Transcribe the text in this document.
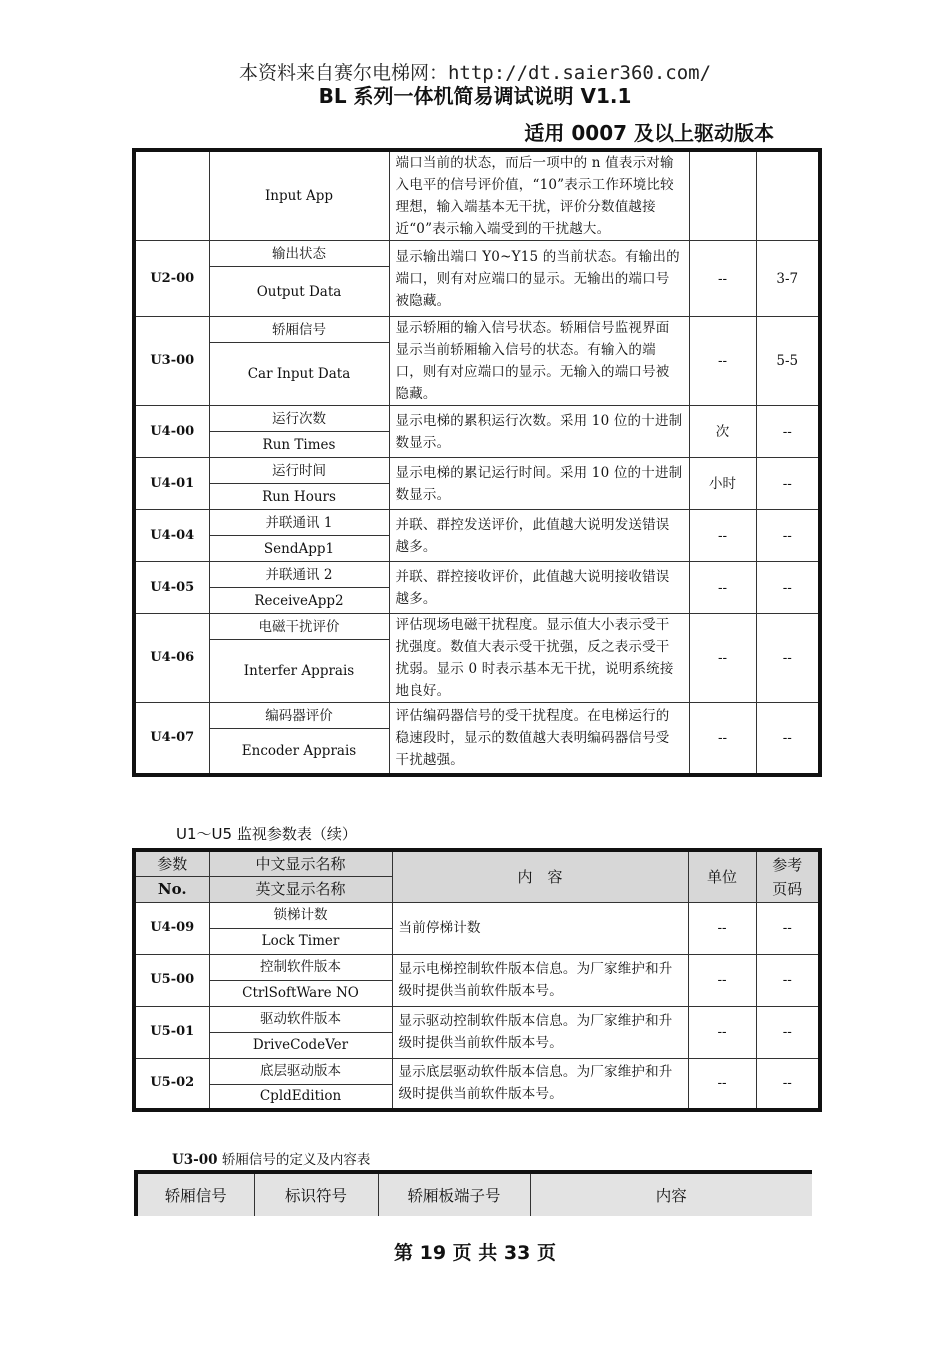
本资料来自赛尔电梯网：http://dt.saier360.com/
BL 系列一体机简易调试说明 V1.1
适用 0007 及以上驱动版本
	Input App	端口当前的状态，而后一项中的 n 值表示对输入电平的信号评价值，“10”表示工作环境比较理想，输入端基本无干扰，评价分数值越接近“0”表示输入端受到的干扰越大。		
U2-00	输出状态	显示输出端口 Y0~Y15 的当前状态。有输出的端口，则有对应端口的显示。无输出的端口号被隐藏。	--	3-7
	Output Data			
U3-00	轿厢信号	显示轿厢的输入信号状态。轿厢信号监视界面显示当前轿厢输入信号的状态。有输入的端口，则有对应端口的显示。无输入的端口号被隐藏。	--	5-5
	Car Input Data			
U4-00	运行次数	显示电梯的累积运行次数。采用 10 位的十进制数显示。	次	--
	Run Times			
U4-01	运行时间	显示电梯的累记运行时间。采用 10 位的十进制数显示。	小时	--
	Run Hours			
U4-04	并联通讯 1	并联、群控发送评价，此值越大说明发送错误越多。	--	--
	SendApp1			
U4-05	并联通讯 2	并联、群控接收评价，此值越大说明接收错误越多。	--	--
	ReceiveApp2			
U4-06	电磁干扰评价	评估现场电磁干扰程度。显示值大小表示受干扰强度。数值大表示受干扰强，反之表示受干扰弱。显示 0 时表示基本无干扰，说明系统接地良好。	--	--
	Interfer Apprais			
U4-07	编码器评价	评估编码器信号的受干扰程度。在电梯运行的稳速段时，显示的数值越大表明编码器信号受干扰越强。	--	--
	Encoder Apprais			
U1～U5 监视参数表（续）
参数	中文显示名称	内　容	单位	参考页码
No.	英文显示名称			
U4-09	锁梯计数	当前停梯计数	--	--
	Lock Timer			
U5-00	控制软件版本	显示电梯控制软件版本信息。为厂家维护和升级时提供当前软件版本号。	--	--
	CtrlSoftWare NO			
U5-01	驱动软件版本	显示驱动控制软件版本信息。为厂家维护和升级时提供当前软件版本号。	--	--
	DriveCodeVer			
U5-02	底层驱动版本	显示底层驱动软件版本信息。为厂家维护和升级时提供当前软件版本号。	--	--
	CpldEdition			
U3-00 轿厢信号的定义及内容表
轿厢信号	标识符号	轿厢板端子号	内容
第 19 页 共 33 页
